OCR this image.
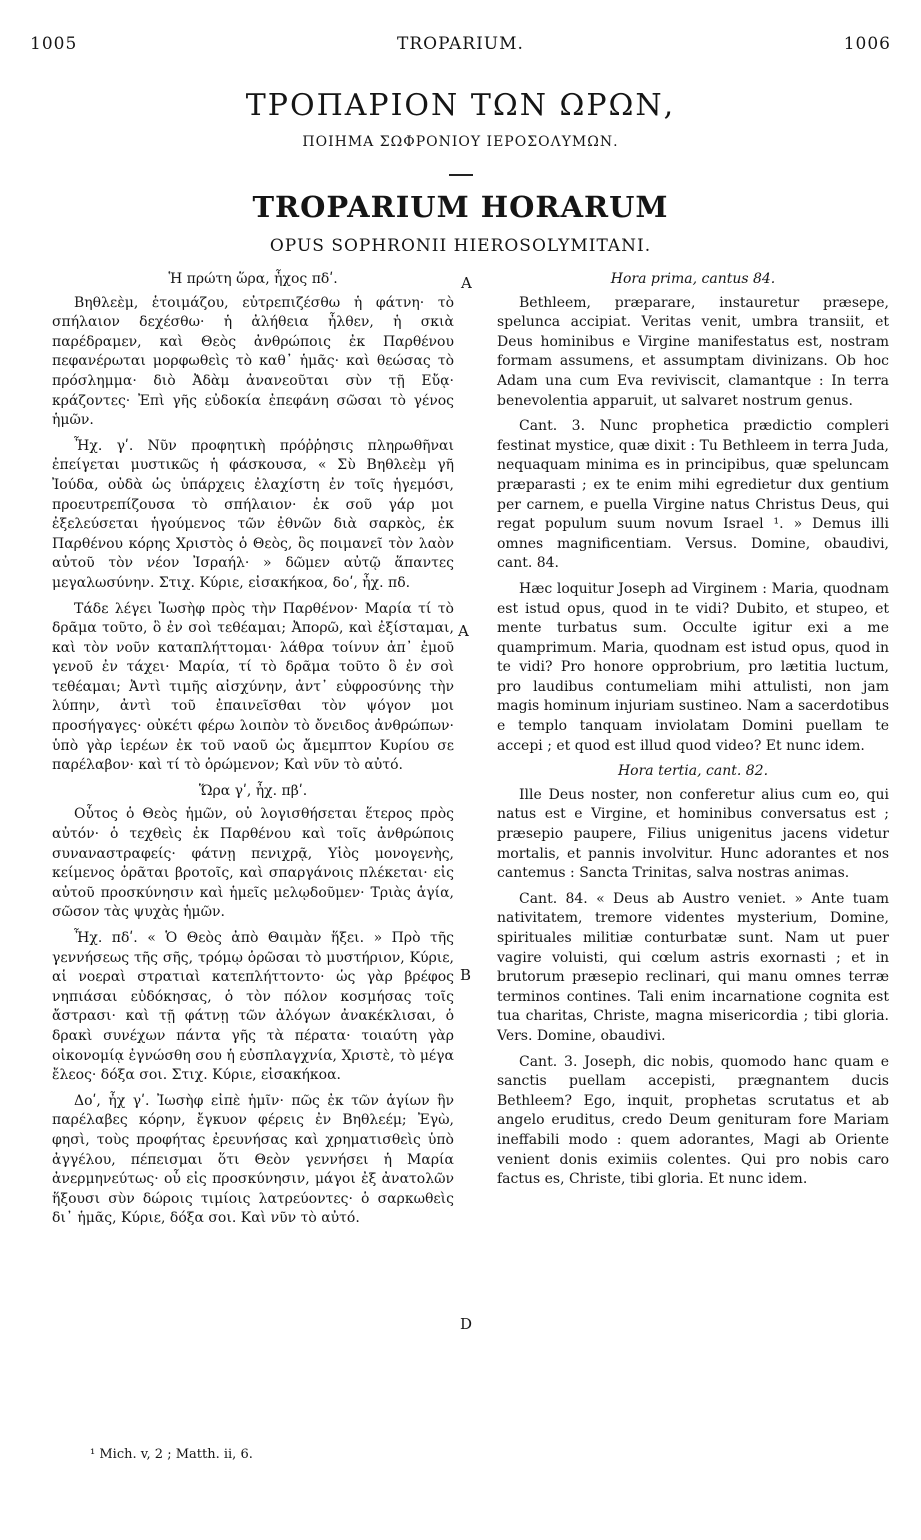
1005	TROPARIUM.	1006
ΤΡΟΠΑΡΙΟΝ ΤΩΝ ΩΡΩΝ,
ΠΟΙΗΜΑ ΣΩΦΡΟΝΙΟΥ ΙΕΡΟΣΟΛΥΜΩΝ.
TROPARIUM HORARUM
OPUS SOPHRONII HIEROSOLYMITANI.

Ἡ πρώτη ὥρα, ἦχος πδʹ.

Βηθλεὲμ, ἑτοιμάζου, εὐτρεπιζέσθω ἡ φάτνη· τὸ σπήλαιον δεχέσθω· ἡ ἀλήθεια ἦλθεν, ἡ σκιὰ παρέδραμεν, καὶ Θεὸς ἀνθρώποις ἐκ Παρθένου πεφανέρωται μορφωθεὶς τὸ καθ᾽ ἡμᾶς· καὶ θεώσας τὸ πρόσλημμα· διὸ Ἀδὰμ ἀνανεοῦται σὺν τῇ Εὔᾳ· κράζοντες· Ἐπὶ γῆς εὐδοκία ἐπεφάνη σῶσαι τὸ γένος ἡμῶν.

Ἦχ. γʹ. Νῦν προφητικὴ πρόῤῥησις πληρωθῆναι ἐπείγεται μυστικῶς ἡ φάσκουσα, « Σὺ Βηθλεὲμ γῆ Ἰούδα, οὐδὰ ὡς ὑπάρχεις ἐλαχίστη ἐν τοῖς ἡγεμόσι, προευτρεπίζουσα τὸ σπήλαιον· ἐκ σοῦ γάρ μοι ἐξελεύσεται ἡγούμενος τῶν ἐθνῶν διὰ σαρκὸς, ἐκ Παρθένου κόρης Χριστὸς ὁ Θεὸς, ὃς ποιμανεῖ τὸν λαὸν αὐτοῦ τὸν νέον Ἰσραήλ· » δῶμεν αὐτῷ ἅπαντες μεγαλωσύνην. Στιχ. Κύριε, εἰσακήκοα, δοʹ, ἦχ. πδ.

Τάδε λέγει Ἰωσὴφ πρὸς τὴν Παρθένον· Μαρία τί τὸ δρᾶμα τοῦτο, ὃ ἐν σοὶ τεθέαμαι; Ἀπορῶ, καὶ ἐξίσταμαι, καὶ τὸν νοῦν καταπλήττομαι· λάθρα τοίνυν ἀπ᾽ ἐμοῦ γενοῦ ἐν τάχει· Μαρία, τί τὸ δρᾶμα τοῦτο ὃ ἐν σοὶ τεθέαμαι; Ἀντὶ τιμῆς αἰσχύνην, ἀντ᾽ εὐφροσύνης τὴν λύπην, ἀντὶ τοῦ ἐπαινεῖσθαι τὸν ψόγον μοι προσήγαγες· οὐκέτι φέρω λοιπὸν τὸ ὄνειδος ἀνθρώπων· ὑπὸ γὰρ ἱερέων ἐκ τοῦ ναοῦ ὡς ἄμεμπτον Κυρίου σε παρέλαβον· καὶ τί τὸ ὁρώμενον; Καὶ νῦν τὸ αὐτό.

Ὥρα γʹ, ἦχ. πβʹ.

Οὗτος ὁ Θεὸς ἡμῶν, οὐ λογισθήσεται ἕτερος πρὸς αὐτόν· ὁ τεχθεὶς ἐκ Παρθένου καὶ τοῖς ἀνθρώποις συναναστραφείς· φάτνῃ πενιχρᾷ, Υἱὸς μονογενὴς, κείμενος ὁρᾶται βροτοῖς, καὶ σπαργάνοις πλέκεται· εἰς αὐτοῦ προσκύνησιν καὶ ἡμεῖς μελῳδοῦμεν· Τριὰς ἁγία, σῶσον τὰς ψυχὰς ἡμῶν.

Ἦχ. πδʹ. « Ὁ Θεὸς ἀπὸ Θαιμὰν ἥξει. » Πρὸ τῆς γεννήσεως τῆς σῆς, τρόμῳ ὁρῶσαι τὸ μυστήριον, Κύριε, αἱ νοεραὶ στρατιαὶ κατεπλήττοντο· ὡς γὰρ βρέφος νηπιάσαι εὐδόκησας, ὁ τὸν πόλον κοσμήσας τοῖς ἄστρασι· καὶ τῇ φάτνῃ τῶν ἀλόγων ἀνακέκλισαι, ὁ δρακὶ συνέχων πάντα γῆς τὰ πέρατα· τοιαύτη γὰρ οἰκονομίᾳ ἐγνώσθη σου ἡ εὐσπλαγχνία, Χριστὲ, τὸ μέγα ἔλεος· δόξα σοι. Στιχ. Κύριε, εἰσακήκοα.

Δοʹ, ἦχ γʹ. Ἰωσὴφ εἰπὲ ἡμῖν· πῶς ἐκ τῶν ἁγίων ἣν παρέλαβες κόρην, ἔγκυον φέρεις ἐν Βηθλεέμ; Ἐγὼ, φησὶ, τοὺς προφήτας ἐρευνήσας καὶ χρηματισθεὶς ὑπὸ ἀγγέλου, πέπεισμαι ὅτι Θεὸν γεννήσει ἡ Μαρία ἀνερμηνεύτως· οὗ εἰς προσκύνησιν, μάγοι ἐξ ἀνατολῶν ἥξουσι σὺν δώροις τιμίοις λατρεύοντες· ὁ σαρκωθεὶς δι᾽ ἡμᾶς, Κύριε, δόξα σοι. Καὶ νῦν τὸ αὐτό.

Hora prima, cantus 84.

Bethleem, præparare, instauretur præsepe, spelunca accipiat. Veritas venit, umbra transiit, et Deus hominibus e Virgine manifestatus est, nostram formam assumens, et assumptam divinizans. Ob hoc Adam una cum Eva reviviscit, clamantque : In terra benevolentia apparuit, ut salvaret nostrum genus.

Cant. 3. Nunc prophetica prædictio compleri festinat mystice, quæ dixit : Tu Bethleem in terra Juda, nequaquam minima es in principibus, quæ speluncam præparasti ; ex te enim mihi egredietur dux gentium per carnem, e puella Virgine natus Christus Deus, qui regat populum suum novum Israel ¹. » Demus illi omnes magnificentiam. Versus. Domine, obaudivi, cant. 84.

Hæc loquitur Joseph ad Virginem : Maria, quodnam est istud opus, quod in te vidi? Dubito, et stupeo, et mente turbatus sum. Occulte igitur exi a me quamprimum. Maria, quodnam est istud opus, quod in te vidi? Pro honore opprobrium, pro lætitia luctum, pro laudibus contumeliam mihi attulisti, non jam magis hominum injuriam sustineo. Nam a sacerdotibus e templo tanquam inviolatam Domini puellam te accepi ; et quod est illud quod video? Et nunc idem.

Hora tertia, cant. 82.

Ille Deus noster, non conferetur alius cum eo, qui natus est e Virgine, et hominibus conversatus est ; præsepio paupere, Filius unigenitus jacens videtur mortalis, et pannis involvitur. Hunc adorantes et nos cantemus : Sancta Trinitas, salva nostras animas.

Cant. 84. « Deus ab Austro veniet. » Ante tuam nativitatem, tremore videntes mysterium, Domine, spirituales militiæ conturbatæ sunt. Nam ut puer vagire voluisti, qui cœlum astris exornasti ; et in brutorum præsepio reclinari, qui manu omnes terræ terminos contines. Tali enim incarnatione cognita est tua charitas, Christe, magna misericordia ; tibi gloria. Vers. Domine, obaudivi.

Cant. 3. Joseph, dic nobis, quomodo hanc quam e sanctis puellam accepisti, prægnantem ducis Bethleem? Ego, inquit, prophetas scrutatus et ab angelo eruditus, credo Deum genituram fore Mariam ineffabili modo : quem adorantes, Magi ab Oriente venient donis eximiis colentes. Qui pro nobis caro factus es, Christe, tibi gloria. Et nunc idem.

A
A
B
D
¹ Mich. v, 2 ; Matth. ii, 6.
